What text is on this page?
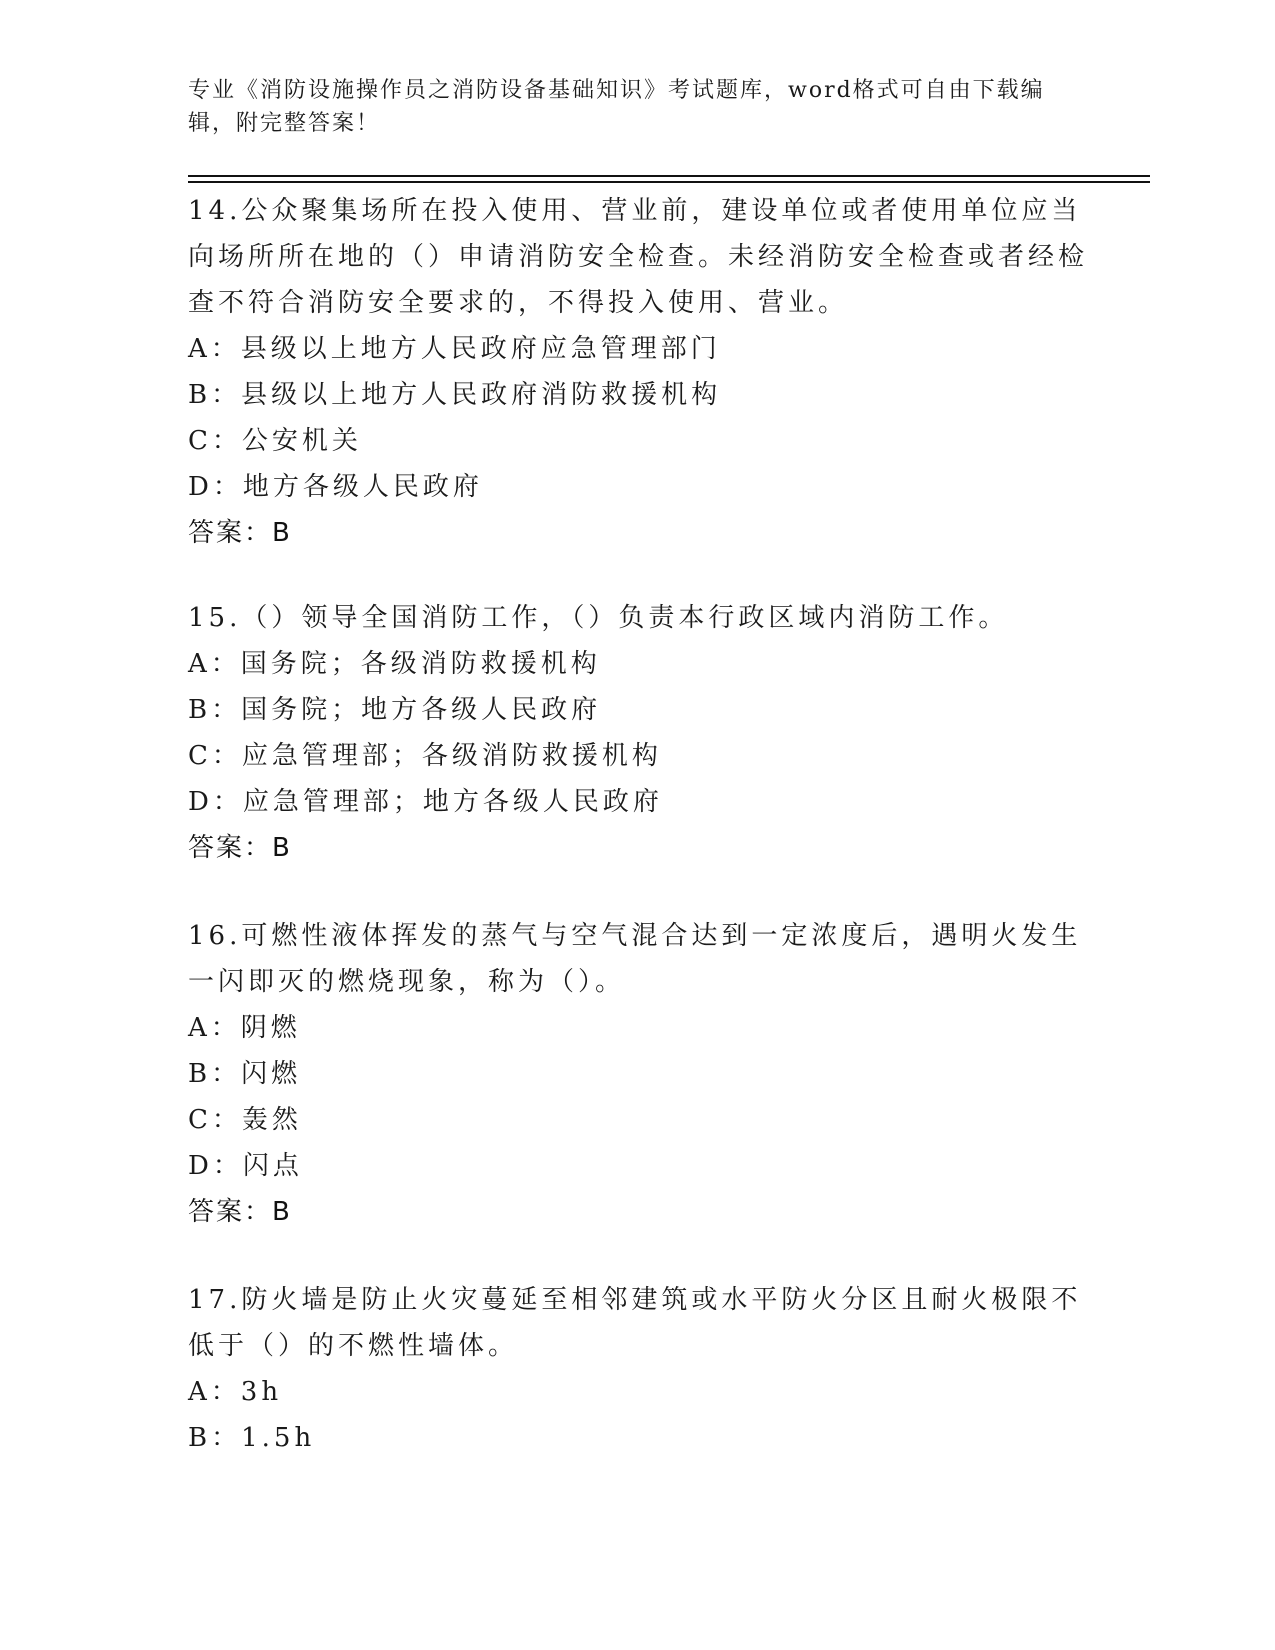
专业《消防设施操作员之消防设备基础知识》考试题库，word格式可自由下载编辑，附完整答案！

14.公众聚集场所在投入使用、营业前，建设单位或者使用单位应当向场所所在地的（）申请消防安全检查。未经消防安全检查或者经检查不符合消防安全要求的，不得投入使用、营业。

A：县级以上地方人民政府应急管理部门

B：县级以上地方人民政府消防救援机构

C：公安机关

D：地方各级人民政府

答案：B

15.（）领导全国消防工作，（）负责本行政区域内消防工作。

A：国务院；各级消防救援机构

B：国务院；地方各级人民政府

C：应急管理部；各级消防救援机构

D：应急管理部；地方各级人民政府

答案：B

16.可燃性液体挥发的蒸气与空气混合达到一定浓度后，遇明火发生一闪即灭的燃烧现象，称为（）。

A：阴燃

B：闪燃

C：轰然

D：闪点

答案：B

17.防火墙是防止火灾蔓延至相邻建筑或水平防火分区且耐火极限不低于（）的不燃性墙体。

A：3h

B：1.5h
